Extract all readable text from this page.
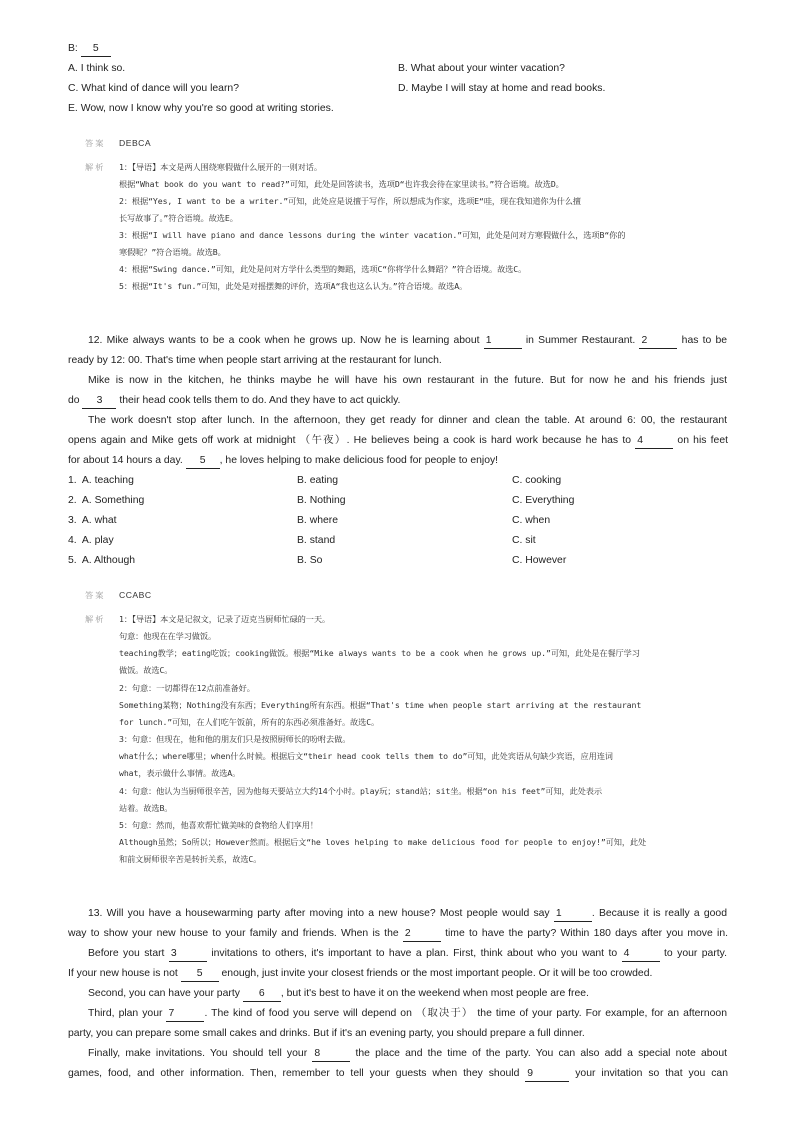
B: 5
A. I think so.	B. What about your winter vacation?
C. What kind of dance will you learn?	D. Maybe I will stay at home and read books.
E. Wow, now I know why you're so good at writing stories.
答案 DEBCA
解析 1：【导语】本文是两人围绕寒假做什么展开的一则对话。
根据“What book do you want to read?”可知，此处是回答读书，选项D“也许我会待在家里读书。”符合语境。故选D。
2：根据“Yes, I want to be a writer.”可知，此处应是说擅于写作，所以想成为作家，选项E“哇，现在我知道你为什么擅
长写故事了。”符合语境。故选E。
3：根据“I will have piano and dance lessons during the winter vacation.”可知，此处是问对方寒假做什么，选项B“你的
寒假呢？”符合语境。故选B。
4：根据“Swing dance.”可知，此处是问对方学什么类型的舞蹈，选项C“你将学什么舞蹈？”符合语境。故选C。
5：根据“It's fun.”可知，此处是对摇摆舞的评价，选项A“我也这么认为。”符合语境。故选A。
12. Mike always wants to be a cook when he grows up. Now he is learning about 1	in Summer Restaurant. 2	has to be
ready by 12: 00. That's time when people start arriving at the restaurant for lunch.
Mike is now in the kitchen, he thinks maybe he will have his own restaurant in the future. But for now he and his friends just
do 3 their head cook tells them to do. And they have to act quickly.
The work doesn't stop after lunch. In the afternoon, they get ready for dinner and clean the table. At around 6: 00, the restaurant
opens again and Mike gets off work at midnight （午夜）. He believes being a cook is hard work because he has to 4	on his feet
for about 14 hours a day. 5 , he loves helping to make delicious food for people to enjoy!
1. A. teaching	B. eating	C. cooking
2. A. Something	B. Nothing	C. Everything
3. A. what	B. where	C. when
4. A. play	B. stand	C. sit
5. A. Although	B. So	C. However
答案 CCABC
解析 1：【导语】本文是记叙文，记录了迈克当厨师忙碌的一天。
句意：他现在在学习做饭。
teaching教学；eating吃饭；cooking做饭。根据“Mike always wants to be a cook when he grows up.”可知，此处是在餐厅学习
做饭。故选C。
2：句意：一切都得在12点前准备好。
Something某物；Nothing没有东西；Everything所有东西。根据“That's time when people start arriving at the restaurant
for lunch.”可知，在人们吃午饭前，所有的东西必须准备好。故选C。
3：句意：但现在，他和他的朋友们只是按照厨师长的吩咐去做。
what什么；where哪里；when什么时候。根据后文“their head cook tells them to do”可知，此处宾语从句缺少宾语，应用连词
what，表示做什么事情。故选A。
4：句意：他认为当厨师很辛苦，因为他每天要站立大约14个小时。play玩；stand站；sit坐。根据“on his feet”可知，此处表示
站着。故选B。
5：句意：然而，他喜欢帮忙做美味的食物给人们享用！
Although虽然；So所以；However然而。根据后文“he loves helping to make delicious food for people to enjoy!”可知，此处
和前文厨师很辛苦是转折关系，故选C。
13. Will you have a housewarming party after moving into a new house? Most people would say 1	. Because it is really a good
way to show your new house to your family and friends. When is the 2	time to have the party? Within 180 days after you move in.
Before you start 3	invitations to others, it's important to have a plan. First, think about who you want to 4	to your party.
If your new house is not 5 enough, just invite your closest friends or the most important people. Or it will be too crowded.
Second, you can have your party 6 , but it's best to have it on the weekend when most people are free.
Third, plan your 7	. The kind of food you serve will depend on （取决于） the time of your party. For example, for an afternoon
party, you can prepare some small cakes and drinks. But if it's an evening party, you should prepare a full dinner.
Finally, make invitations. You should tell your 8	the place and the time of the party. You can also add a special note about
games, food, and other information. Then, remember to tell your guests when they should 9	your invitation so that you can
